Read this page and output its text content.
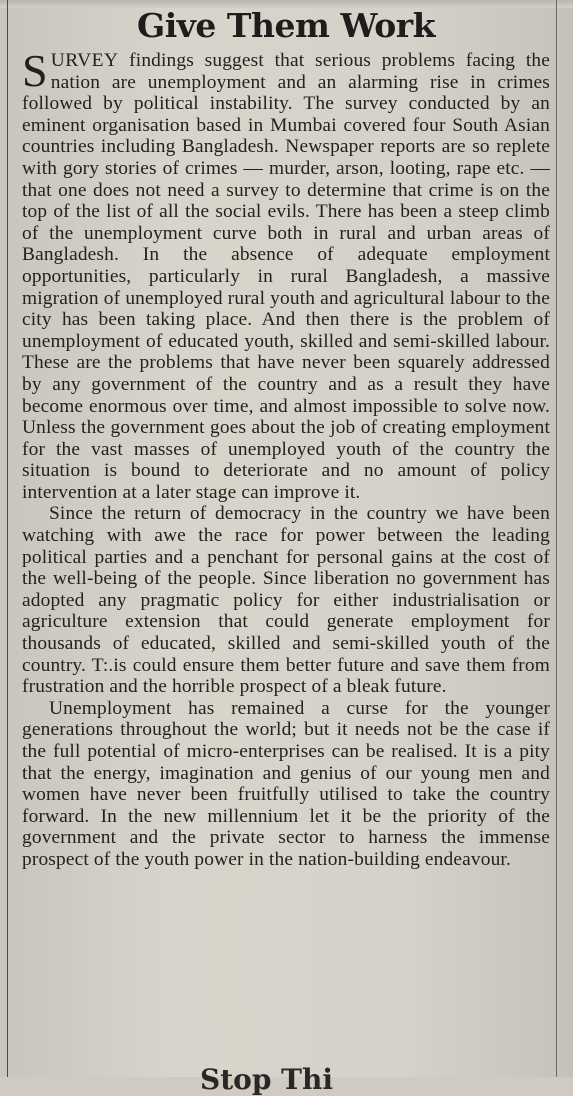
Give Them Work

SURVEY findings suggest that serious problems facing the nation are unemployment and an alarming rise in crimes followed by political instability. The survey conducted by an eminent organisation based in Mumbai covered four South Asian countries including Bangladesh. Newspaper reports are so replete with gory stories of crimes — murder, arson, looting, rape etc. — that one does not need a survey to determine that crime is on the top of the list of all the social evils. There has been a steep climb of the unemployment curve both in rural and urban areas of Bangladesh. In the absence of adequate employment opportunities, particularly in rural Bangladesh, a massive migration of unemployed rural youth and agricultural labour to the city has been taking place. And then there is the problem of unemployment of educated youth, skilled and semi-skilled labour. These are the problems that have never been squarely addressed by any government of the country and as a result they have become enormous over time, and almost impossible to solve now. Unless the government goes about the job of creating employment for the vast masses of unemployed youth of the country the situation is bound to deteriorate and no amount of policy intervention at a later stage can improve it.

Since the return of democracy in the country we have been watching with awe the race for power between the leading political parties and a penchant for personal gains at the cost of the well-being of the people. Since liberation no government has adopted any pragmatic policy for either industrialisation or agriculture extension that could generate employment for thousands of educated, skilled and semi-skilled youth of the country. T:.is could ensure them better future and save them from frustration and the horrible prospect of a bleak future.

Unemployment has remained a curse for the younger generations throughout the world; but it needs not be the case if the full potential of micro-enterprises can be realised. It is a pity that the energy, imagination and genius of our young men and women have never been fruitfully utilised to take the country forward. In the new millennium let it be the priority of the government and the private sector to harness the immense prospect of the youth power in the nation-building endeavour.

Stop Thi
